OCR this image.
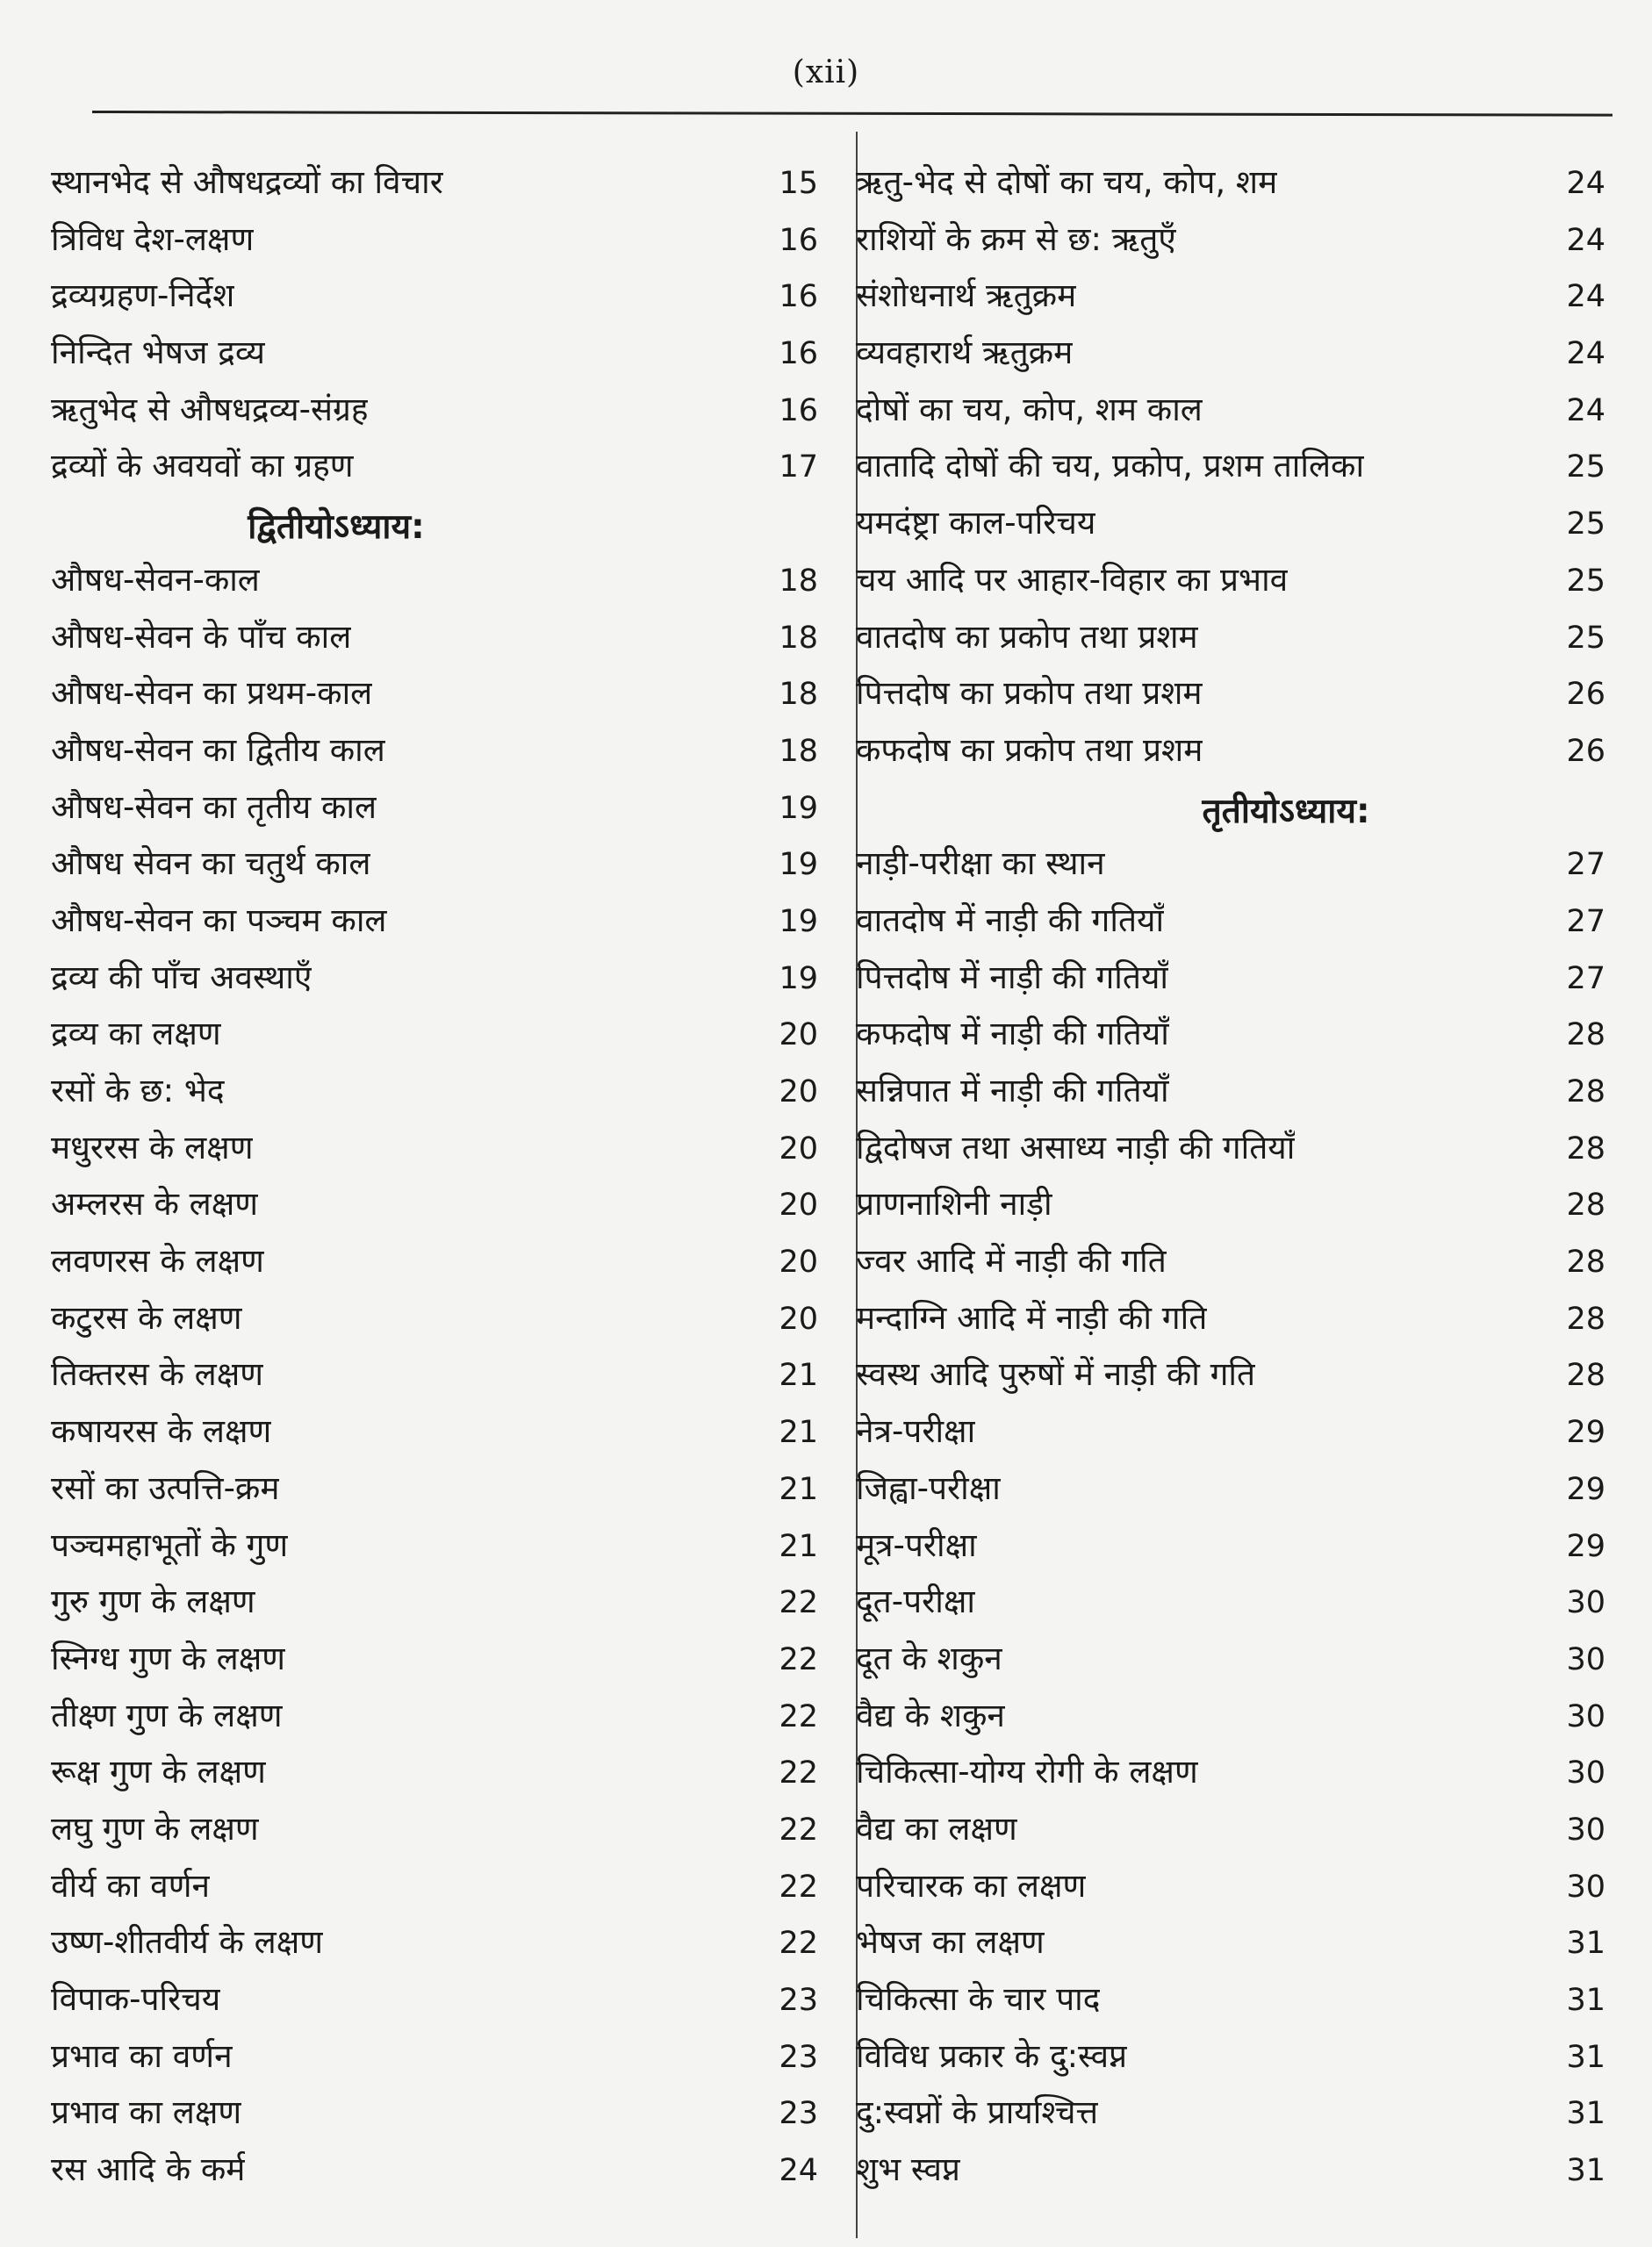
(xii)
स्थानभेद से औषधद्रव्यों का विचार	15
त्रिविध देश-लक्षण	16
द्रव्यग्रहण-निर्देश	16
निन्दित भेषज द्रव्य	16
ऋतुभेद से औषधद्रव्य-संग्रह	16
द्रव्यों के अवयवों का ग्रहण	17
द्वितीयोऽध्याय:
औषध-सेवन-काल	18
औषध-सेवन के पाँच काल	18
औषध-सेवन का प्रथम-काल	18
औषध-सेवन का द्वितीय काल	18
औषध-सेवन का तृतीय काल	19
औषध सेवन का चतुर्थ काल	19
औषध-सेवन का पञ्चम काल	19
द्रव्य की पाँच अवस्थाएँ	19
द्रव्य का लक्षण	20
रसों के छ: भेद	20
मधुररस के लक्षण	20
अम्लरस के लक्षण	20
लवणरस के लक्षण	20
कटुरस के लक्षण	20
तिक्तरस के लक्षण	21
कषायरस के लक्षण	21
रसों का उत्पत्ति-क्रम	21
पञ्चमहाभूतों के गुण	21
गुरु गुण के लक्षण	22
स्निग्ध गुण के लक्षण	22
तीक्ष्ण गुण के लक्षण	22
रूक्ष गुण के लक्षण	22
लघु गुण के लक्षण	22
वीर्य का वर्णन	22
उष्ण-शीतवीर्य के लक्षण	22
विपाक-परिचय	23
प्रभाव का वर्णन	23
प्रभाव का लक्षण	23
रस आदि के कर्म	24
ऋतु-भेद से दोषों का चय, कोप, शम	24
राशियों के क्रम से छ: ऋतुएँ	24
संशोधनार्थ ऋतुक्रम	24
व्यवहारार्थ ऋतुक्रम	24
दोषों का चय, कोप, शम काल	24
वातादि दोषों की चय, प्रकोप, प्रशम तालिका	25
यमदंष्ट्रा काल-परिचय	25
चय आदि पर आहार-विहार का प्रभाव	25
वातदोष का प्रकोप तथा प्रशम	25
पित्तदोष का प्रकोप तथा प्रशम	26
कफदोष का प्रकोप तथा प्रशम	26
तृतीयोऽध्याय:
नाड़ी-परीक्षा का स्थान	27
वातदोष में नाड़ी की गतियाँ	27
पित्तदोष में नाड़ी की गतियाँ	27
कफदोष में नाड़ी की गतियाँ	28
सन्निपात में नाड़ी की गतियाँ	28
द्विदोषज तथा असाध्य नाड़ी की गतियाँ	28
प्राणनाशिनी नाड़ी	28
ज्वर आदि में नाड़ी की गति	28
मन्दाग्नि आदि में नाड़ी की गति	28
स्वस्थ आदि पुरुषों में नाड़ी की गति	28
नेत्र-परीक्षा	29
जिह्वा-परीक्षा	29
मूत्र-परीक्षा	29
दूत-परीक्षा	30
दूत के शकुन	30
वैद्य के शकुन	30
चिकित्सा-योग्य रोगी के लक्षण	30
वैद्य का लक्षण	30
परिचारक का लक्षण	30
भेषज का लक्षण	31
चिकित्सा के चार पाद	31
विविध प्रकार के दु:स्वप्न	31
दु:स्वप्नों के प्रायश्चित्त	31
शुभ स्वप्न	31
